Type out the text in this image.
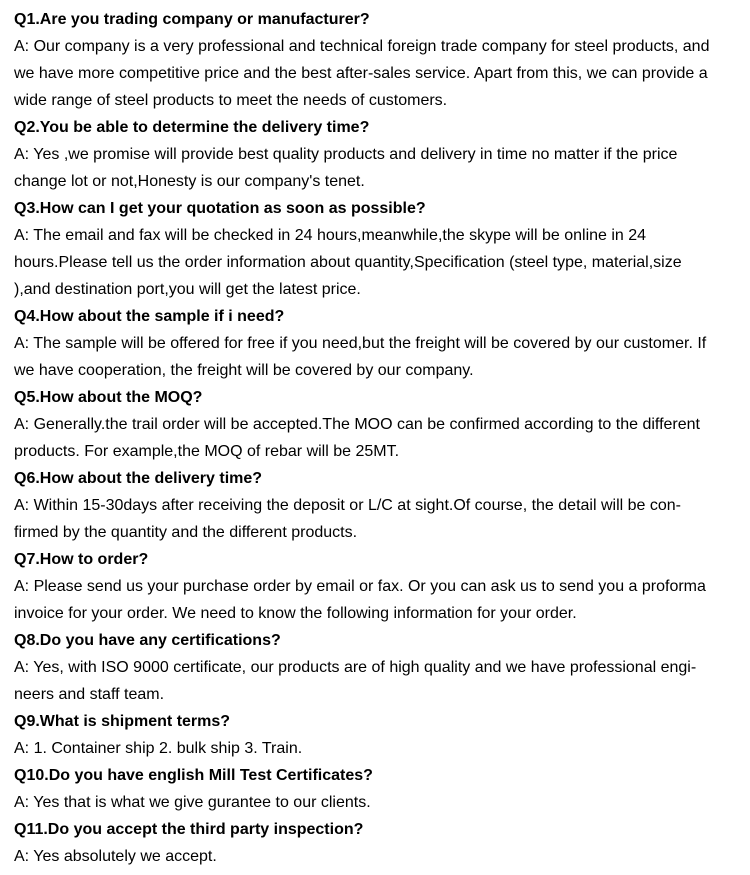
Q1.Are you trading company or manufacturer?
A: Our company is a very professional and technical foreign trade company for steel products, and
we have more competitive price and the best after-sales service. Apart from this, we can provide a
wide range of steel products to meet the needs of customers.
Q2.You be able to determine the delivery time?
A: Yes ,we promise will provide best quality products and delivery in time no matter if the price
change lot or not,Honesty is our company's tenet.
Q3.How can I get your quotation as soon as possible?
A: The email and fax will be checked in 24 hours,meanwhile,the skype will be online in 24
hours.Please tell us the order information about quantity,Specification (steel type, material,size
),and destination port,you will get the latest price.
Q4.How about the sample if i need?
A: The sample will be offered for free if you need,but the freight will be covered by our customer. If
we have cooperation, the freight will be covered by our company.
Q5.How about the MOQ?
A: Generally.the trail order will be accepted.The MOO can be confirmed according to the different
products. For example,the MOQ of rebar will be 25MT.
Q6.How about the delivery time?
A: Within 15-30days after receiving the deposit or L/C at sight.Of course, the detail will be con-
firmed by the quantity and the different products.
Q7.How to order?
A: Please send us your purchase order by email or fax. Or you can ask us to send you a proforma
invoice for your order. We need to know the following information for your order.
Q8.Do you have any certifications?
A: Yes, with ISO 9000 certificate, our products are of high quality and we have professional engi-
neers and staff team.
Q9.What is shipment terms?
A: 1. Container ship 2. bulk ship 3. Train.
Q10.Do you have english Mill Test Certificates?
A: Yes that is what we give gurantee to our clients.
Q11.Do you accept the third party inspection?
A: Yes absolutely we accept.
